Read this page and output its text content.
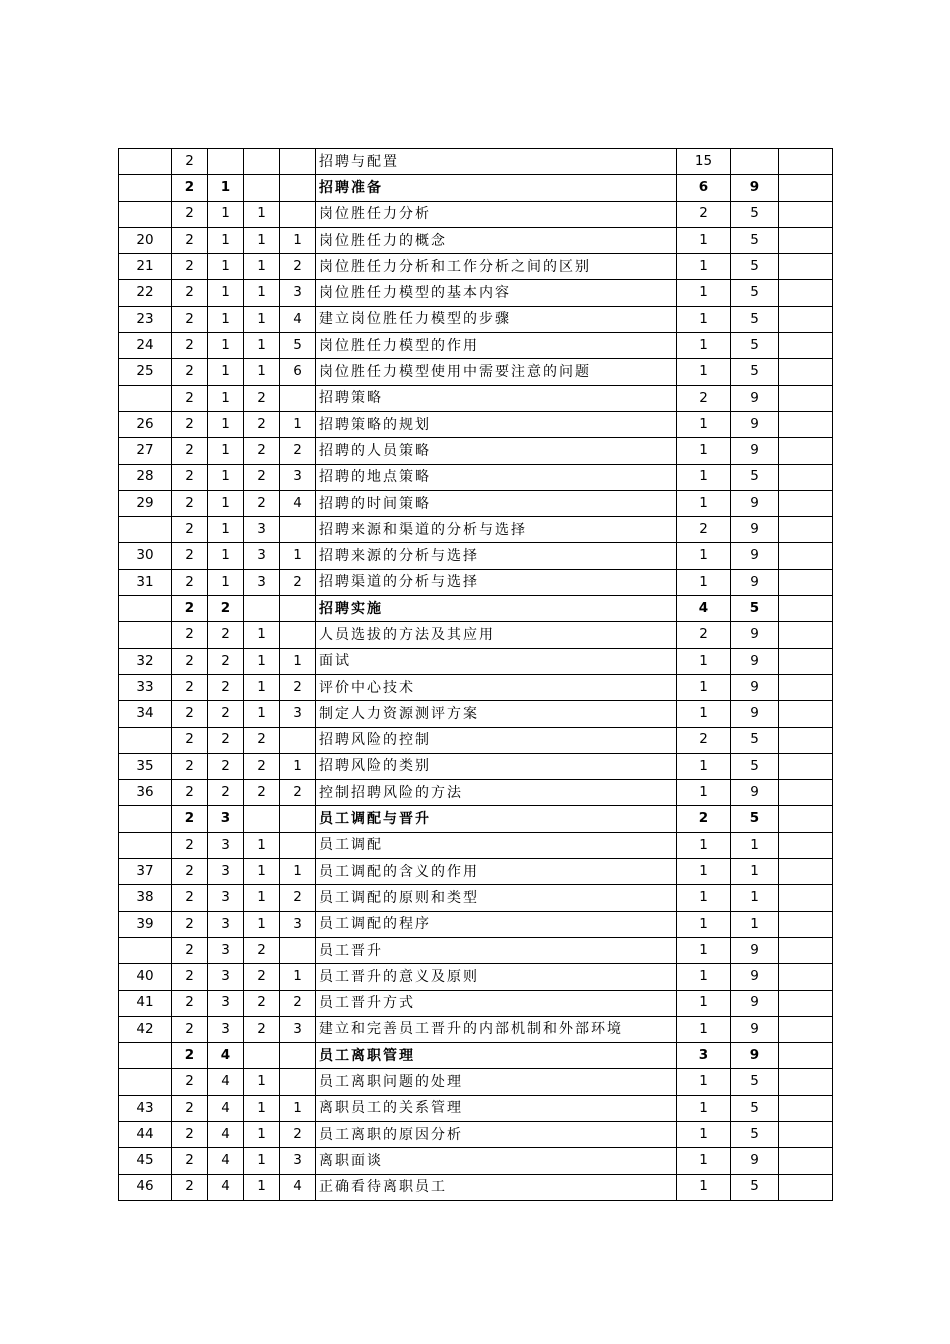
	2				招聘与配置	15		
	2	1			招聘准备	6	9	
	2	1	1		岗位胜任力分析	2	5	
20	2	1	1	1	岗位胜任力的概念	1	5	
21	2	1	1	2	岗位胜任力分析和工作分析之间的区别	1	5	
22	2	1	1	3	岗位胜任力模型的基本内容	1	5	
23	2	1	1	4	建立岗位胜任力模型的步骤	1	5	
24	2	1	1	5	岗位胜任力模型的作用	1	5	
25	2	1	1	6	岗位胜任力模型使用中需要注意的问题	1	5	
	2	1	2		招聘策略	2	9	
26	2	1	2	1	招聘策略的规划	1	9	
27	2	1	2	2	招聘的人员策略	1	9	
28	2	1	2	3	招聘的地点策略	1	5	
29	2	1	2	4	招聘的时间策略	1	9	
	2	1	3		招聘来源和渠道的分析与选择	2	9	
30	2	1	3	1	招聘来源的分析与选择	1	9	
31	2	1	3	2	招聘渠道的分析与选择	1	9	
	2	2			招聘实施	4	5	
	2	2	1		人员选拔的方法及其应用	2	9	
32	2	2	1	1	面试	1	9	
33	2	2	1	2	评价中心技术	1	9	
34	2	2	1	3	制定人力资源测评方案	1	9	
	2	2	2		招聘风险的控制	2	5	
35	2	2	2	1	招聘风险的类别	1	5	
36	2	2	2	2	控制招聘风险的方法	1	9	
	2	3			员工调配与晋升	2	5	
	2	3	1		员工调配	1	1	
37	2	3	1	1	员工调配的含义的作用	1	1	
38	2	3	1	2	员工调配的原则和类型	1	1	
39	2	3	1	3	员工调配的程序	1	1	
	2	3	2		员工晋升	1	9	
40	2	3	2	1	员工晋升的意义及原则	1	9	
41	2	3	2	2	员工晋升方式	1	9	
42	2	3	2	3	建立和完善员工晋升的内部机制和外部环境	1	9	
	2	4			员工离职管理	3	9	
	2	4	1		员工离职问题的处理	1	5	
43	2	4	1	1	离职员工的关系管理	1	5	
44	2	4	1	2	员工离职的原因分析	1	5	
45	2	4	1	3	离职面谈	1	9	
46	2	4	1	4	正确看待离职员工	1	5	
